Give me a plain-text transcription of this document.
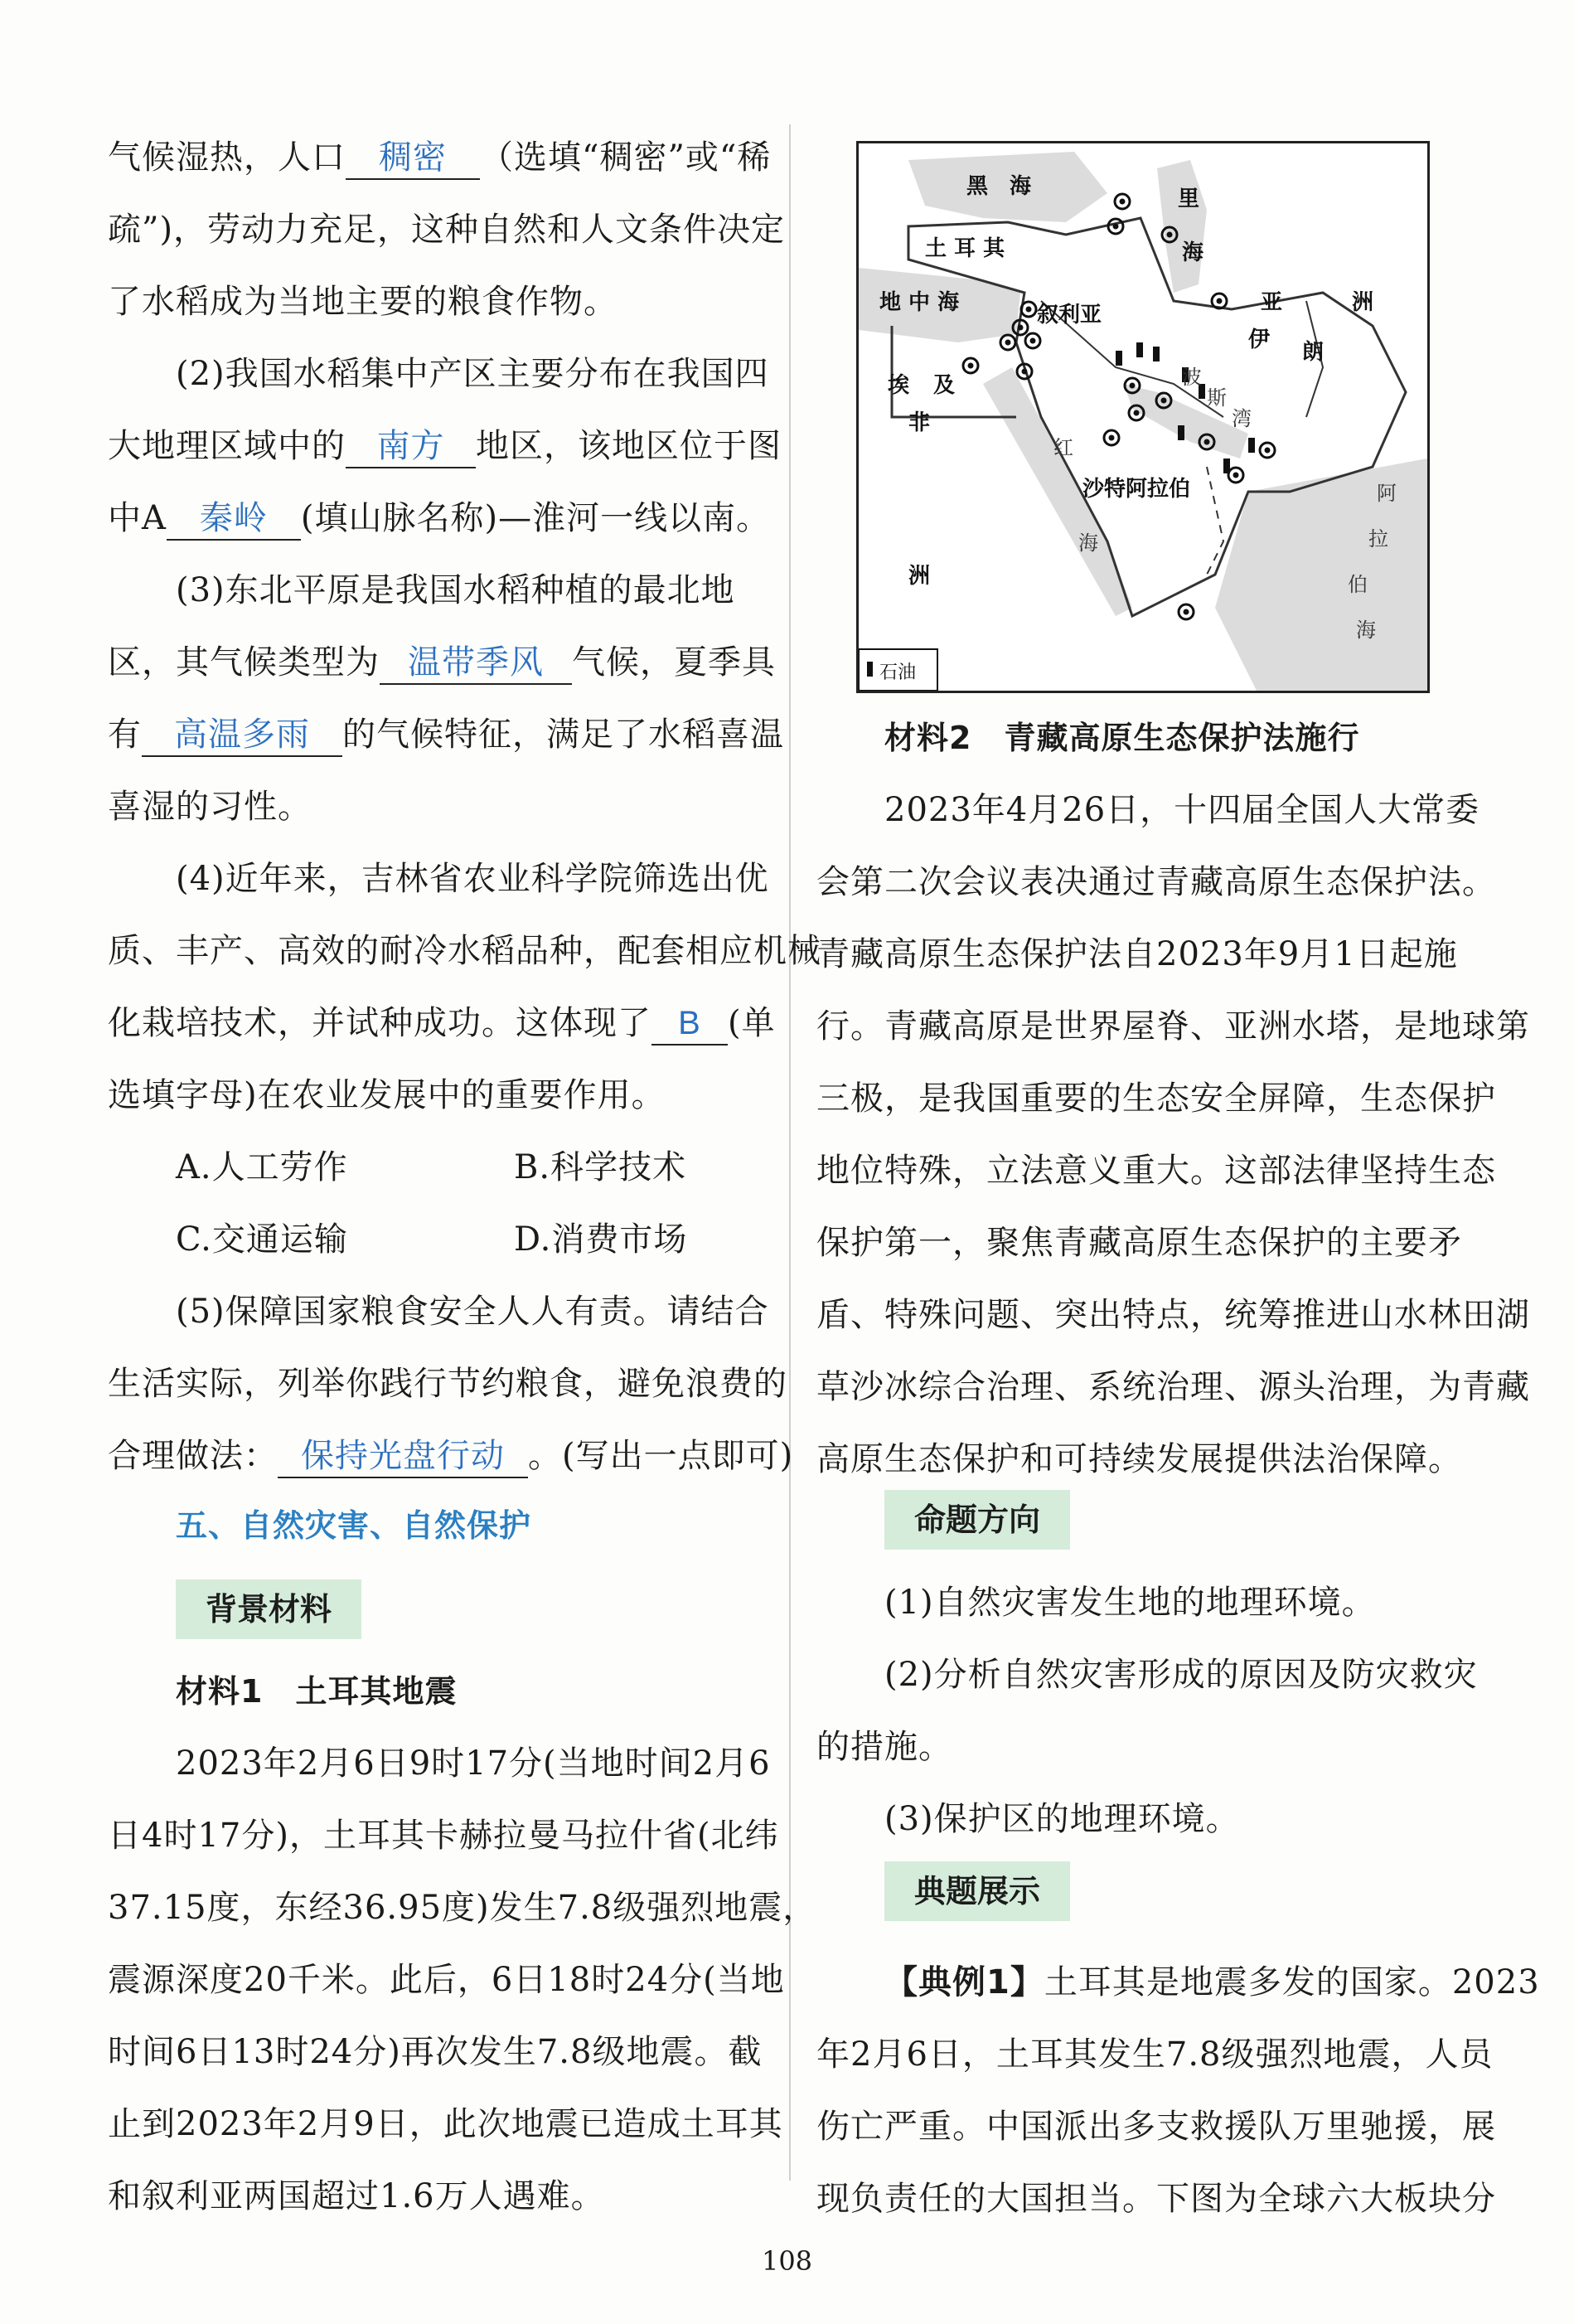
气候湿热，人口 稠密 （选填“稠密”或“稀
疏”)，劳动力充足，这种自然和人文条件决定
了水稻成为当地主要的粮食作物。
(2)我国水稻集中产区主要分布在我国四
大地理区域中的 南方 地区，该地区位于图
中A 秦岭 (填山脉名称)—淮河一线以南。
(3)东北平原是我国水稻种植的最北地
区，其气候类型为 温带季风 气候，夏季具
有 高温多雨 的气候特征，满足了水稻喜温
喜湿的习性。
(4)近年来，吉林省农业科学院筛选出优
质、丰产、高效的耐冷水稻品种，配套相应机械
化栽培技术，并试种成功。这体现了 B (单
选填字母)在农业发展中的重要作用。
A.人工劳作	B.科学技术
C.交通运输	D.消费市场
(5)保障国家粮食安全人人有责。请结合
生活实际，列举你践行节约粮食，避免浪费的
合理做法： 保持光盘行动 。(写出一点即可)
五、自然灾害、自然保护
背景材料
材料1　土耳其地震
2023年2月6日9时17分(当地时间2月6
日4时17分)，土耳其卡赫拉曼马拉什省(北纬
37.15度，东经36.95度)发生7.8级强烈地震，
震源深度20千米。此后，6日18时24分(当地
时间6日13时24分)再次发生7.8级地震。截
止到2023年2月9日，此次地震已造成土耳其
和叙利亚两国超过1.6万人遇难。
黑　海	里
海
土 耳 其
地 中 海	叙利亚	亚	洲
伊 朗
埃 及
非
洲
红
海
波
斯
湾
沙特阿拉伯	阿
拉
伯
海
石油
材料2　青藏高原生态保护法施行
2023年4月26日，十四届全国人大常委
会第二次会议表决通过青藏高原生态保护法。
青藏高原生态保护法自2023年9月1日起施
行。青藏高原是世界屋脊、亚洲水塔，是地球第
三极，是我国重要的生态安全屏障，生态保护
地位特殊，立法意义重大。这部法律坚持生态
保护第一，聚焦青藏高原生态保护的主要矛
盾、特殊问题、突出特点，统筹推进山水林田湖
草沙冰综合治理、系统治理、源头治理，为青藏
高原生态保护和可持续发展提供法治保障。
命题方向
(1)自然灾害发生地的地理环境。
(2)分析自然灾害形成的原因及防灾救灾
的措施。
(3)保护区的地理环境。
典题展示
【典例1】土耳其是地震多发的国家。2023
年2月6日，土耳其发生7.8级强烈地震，人员
伤亡严重。中国派出多支救援队万里驰援，展
现负责任的大国担当。下图为全球六大板块分
108
